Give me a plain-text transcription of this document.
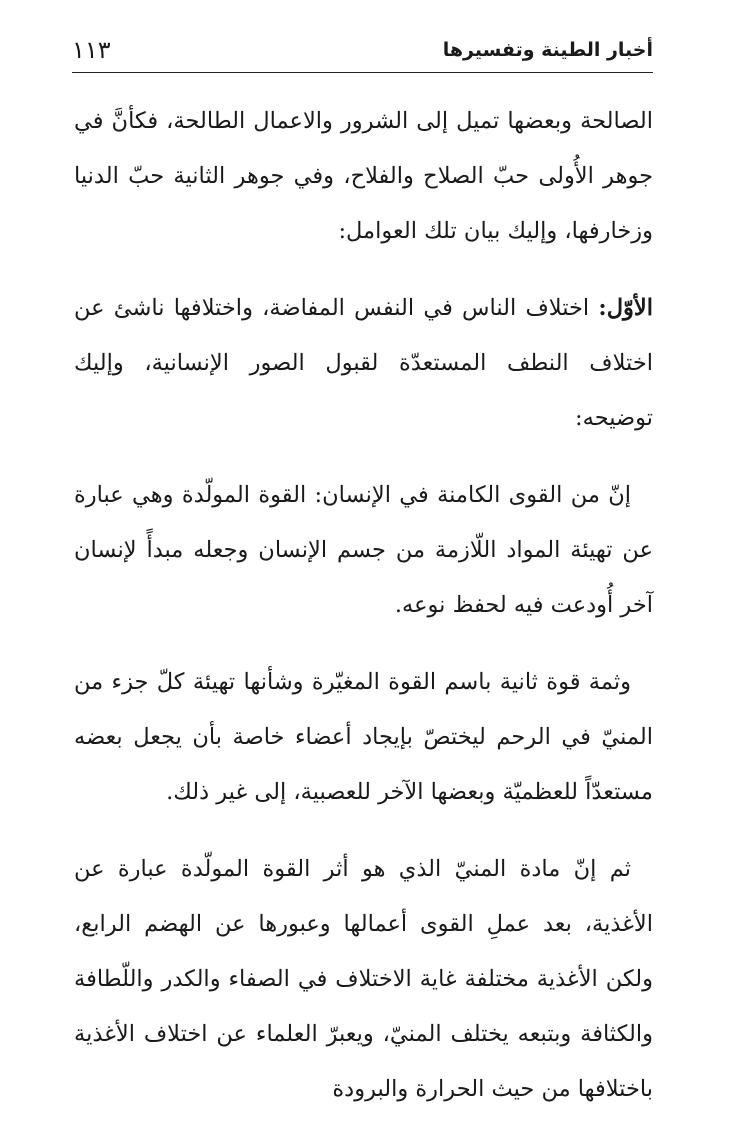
أخبار الطينة وتفسيرها
١١٣

الصالحة وبعضها تميل إلى الشرور والاعمال الطالحة، فكأنَّ في جوهر الأُولى حبّ الصلاح والفلاح، وفي جوهر الثانية حبّ الدنيا وزخارفها، وإليك بيان تلك العوامل:

الأوّل: اختلاف الناس في النفس المفاضة، واختلافها ناشئ عن اختلاف النطف المستعدّة لقبول الصور الإنسانية، وإليك توضيحه:

إنّ من القوى الكامنة في الإنسان: القوة المولّدة وهي عبارة عن تهيئة المواد اللّازمة من جسم الإنسان وجعله مبدأً لإنسان آخر أُودعت فيه لحفظ نوعه.

وثمة قوة ثانية باسم القوة المغيّرة وشأنها تهيئة كلّ جزء من المنيّ في الرحم ليختصّ بإيجاد أعضاء خاصة بأن يجعل بعضه مستعدّاً للعظميّة وبعضها الآخر للعصبية، إلى غير ذلك.

ثم إنّ مادة المنيّ الذي هو أثر القوة المولّدة عبارة عن الأغذية، بعد عملِ القوى أعمالها وعبورها عن الهضم الرابع، ولكن الأغذية مختلفة غاية الاختلاف في الصفاء والكدر واللّطافة والكثافة وبتبعه يختلف المنيّ، ويعبرّ العلماء عن اختلاف الأغذية باختلافها من حيث الحرارة والبرودة
